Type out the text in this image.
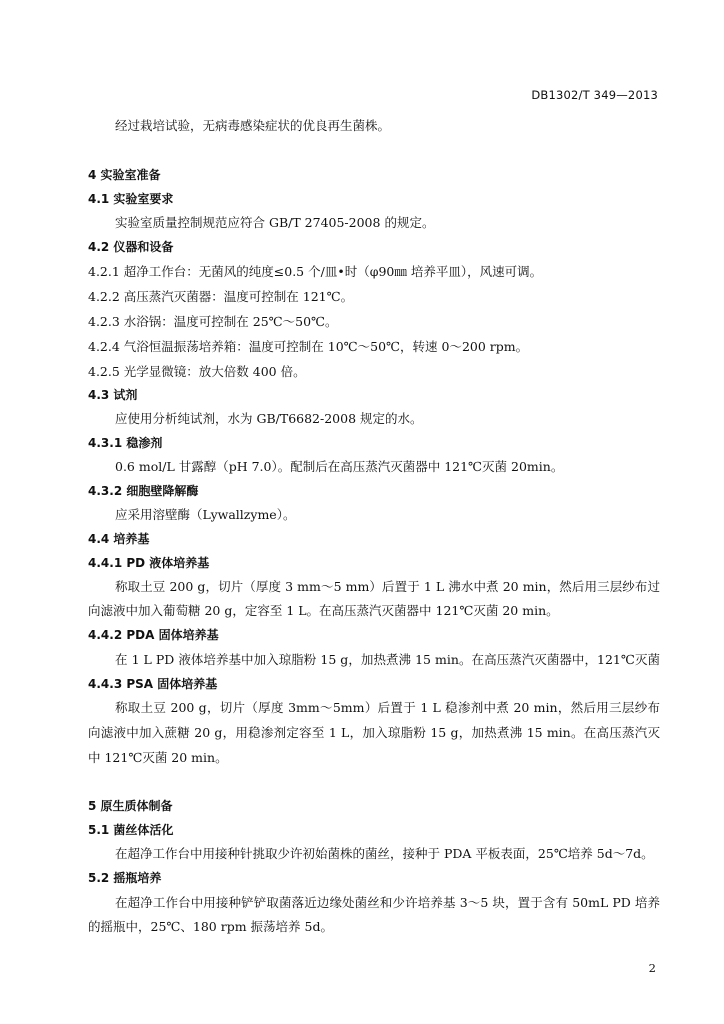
DB1302/T 349—2013
经过栽培试验，无病毒感染症状的优良再生菌株。
4 实验室准备
4.1 实验室要求
实验室质量控制规范应符合 GB/T 27405-2008 的规定。
4.2 仪器和设备
4.2.1 超净工作台：无菌风的纯度≤0.5 个/皿•时（φ90㎜ 培养平皿），风速可调。
4.2.2 高压蒸汽灭菌器：温度可控制在 121℃。
4.2.3 水浴锅：温度可控制在 25℃～50℃。
4.2.4 气浴恒温振荡培养箱：温度可控制在 10℃～50℃，转速 0～200 rpm。
4.2.5 光学显微镜：放大倍数 400 倍。
4.3 试剂
应使用分析纯试剂，水为 GB/T6682-2008 规定的水。
4.3.1 稳渗剂
0.6 mol/L 甘露醇（pH 7.0）。配制后在高压蒸汽灭菌器中 121℃灭菌 20min。
4.3.2 细胞壁降解酶
应采用溶壁酶（Lywallzyme）。
4.4 培养基
4.4.1 PD 液体培养基
称取土豆 200 g，切片（厚度 3 mm～5 mm）后置于 1 L 沸水中煮 20 min，然后用三层纱布过
向滤液中加入葡萄糖 20 g，定容至 1 L。在高压蒸汽灭菌器中 121℃灭菌 20 min。
4.4.2 PDA 固体培养基
在 1 L PD 液体培养基中加入琼脂粉 15 g，加热煮沸 15 min。在高压蒸汽灭菌器中，121℃灭菌
4.4.3 PSA 固体培养基
称取土豆 200 g，切片（厚度 3mm～5mm）后置于 1 L 稳渗剂中煮 20 min，然后用三层纱布
向滤液中加入蔗糖 20 g，用稳渗剂定容至 1 L，加入琼脂粉 15 g，加热煮沸 15 min。在高压蒸汽灭
中 121℃灭菌 20 min。
5 原生质体制备
5.1 菌丝体活化
在超净工作台中用接种针挑取少许初始菌株的菌丝，接种于 PDA 平板表面，25℃培养 5d～7d。
5.2 摇瓶培养
在超净工作台中用接种铲铲取菌落近边缘处菌丝和少许培养基 3～5 块，置于含有 50mL PD 培养
的摇瓶中，25℃、180 rpm 振荡培养 5d。
2
